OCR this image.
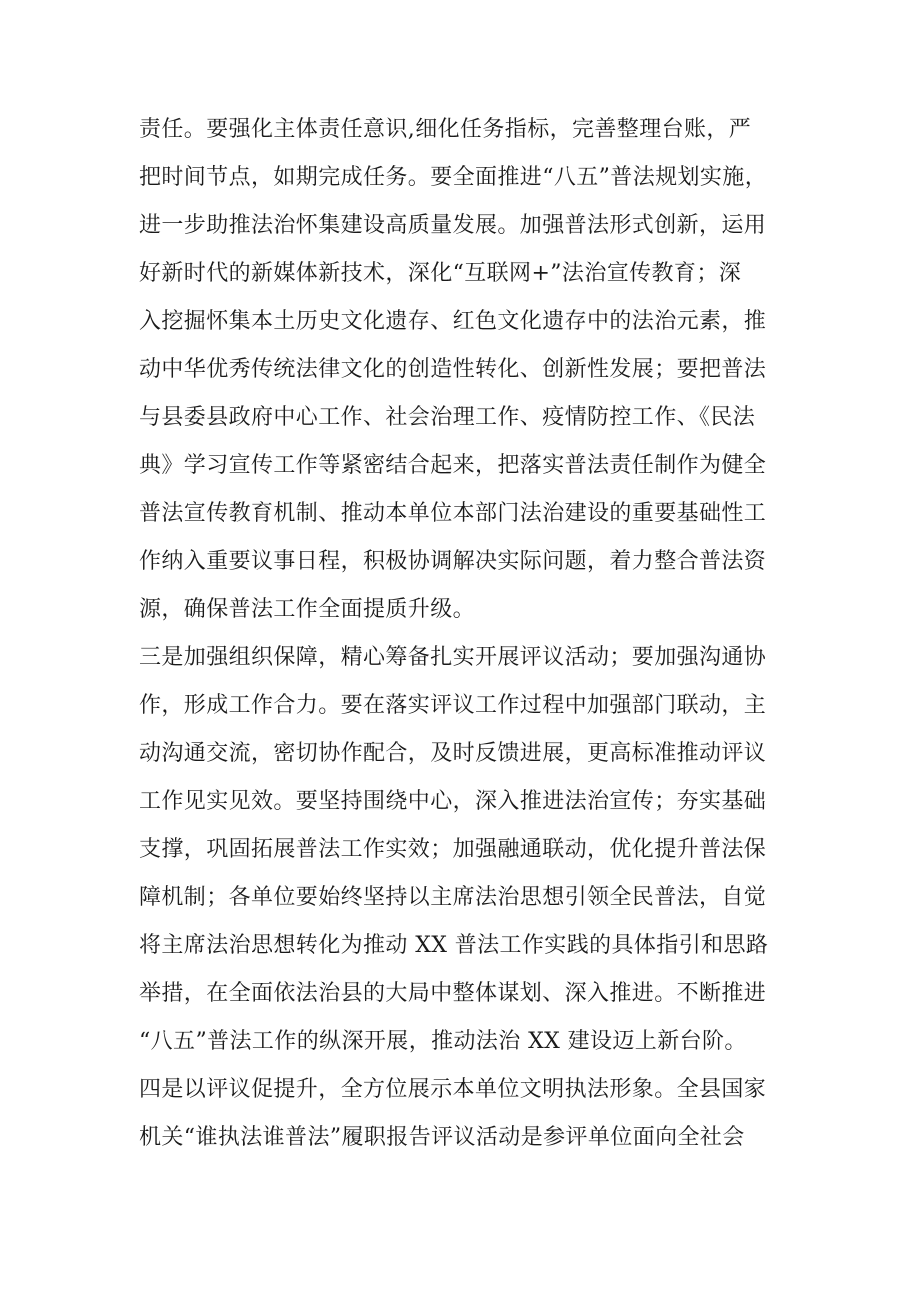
责任。要强化主体责任意识,细化任务指标，完善整理台账，严
把时间节点，如期完成任务。要全面推进“八五”普法规划实施，
进一步助推法治怀集建设高质量发展。加强普法形式创新，运用
好新时代的新媒体新技术，深化“互联网+”法治宣传教育；深
入挖掘怀集本土历史文化遗存、红色文化遗存中的法治元素，推
动中华优秀传统法律文化的创造性转化、创新性发展；要把普法
与县委县政府中心工作、社会治理工作、疫情防控工作、《民法
典》学习宣传工作等紧密结合起来，把落实普法责任制作为健全
普法宣传教育机制、推动本单位本部门法治建设的重要基础性工
作纳入重要议事日程，积极协调解决实际问题，着力整合普法资
源，确保普法工作全面提质升级。
三是加强组织保障，精心筹备扎实开展评议活动；要加强沟通协
作，形成工作合力。要在落实评议工作过程中加强部门联动，主
动沟通交流，密切协作配合，及时反馈进展，更高标准推动评议
工作见实见效。要坚持围绕中心，深入推进法治宣传；夯实基础
支撑，巩固拓展普法工作实效；加强融通联动，优化提升普法保
障机制；各单位要始终坚持以主席法治思想引领全民普法，自觉
将主席法治思想转化为推动 XX 普法工作实践的具体指引和思路
举措，在全面依法治县的大局中整体谋划、深入推进。不断推进
“八五”普法工作的纵深开展，推动法治 XX 建设迈上新台阶。
四是以评议促提升，全方位展示本单位文明执法形象。全县国家
机关“谁执法谁普法”履职报告评议活动是参评单位面向全社会
